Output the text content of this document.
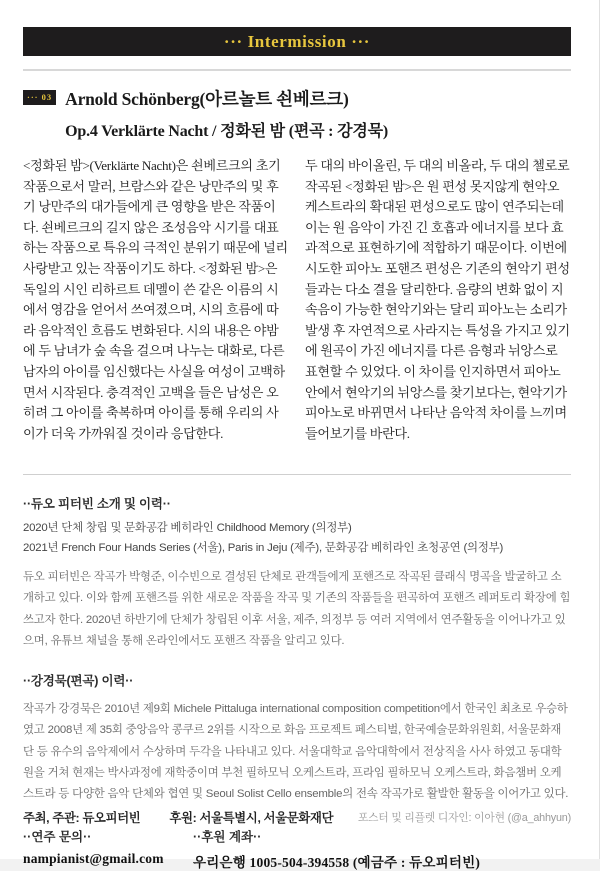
··· Intermission ···
··· 03 Arnold Schönberg(아르놀트 쇤베르크)
Op.4 Verklärte Nacht / 정화된 밤 (편곡 : 강경묵)

<정화된 밤>(Verklärte Nacht)은 쇤베르크의 초기 작품으로서 말러, 브람스와 같은 낭만주의 및 후기 낭만주의 대가들에게 큰 영향을 받은 작품이다. 쇤베르크의 길지 않은 조성음악 시기를 대표하는 작품으로 특유의 극적인 분위기 때문에 널리 사랑받고 있는 작품이기도 하다. <정화된 밤>은 독일의 시인 리하르트 데멜이 쓴 같은 이름의 시에서 영감을 얻어서 쓰여졌으며, 시의 흐름에 따라 음악적인 흐름도 변화된다. 시의 내용은 야밤에 두 남녀가 숲 속을 걸으며 나누는 대화로, 다른 남자의 아이를 임신했다는 사실을 여성이 고백하면서 시작된다. 충격적인 고백을 들은 남성은 오히려 그 아이를 축복하며 아이를 통해 우리의 사이가 더욱 가까워질 것이라 응답한다.

두 대의 바이올린, 두 대의 비올라, 두 대의 첼로로 작곡된 <정화된 밤>은 원 편성 못지않게 현악오케스트라의 확대된 편성으로도 많이 연주되는데 이는 원 음악이 가진 긴 호흡과 에너지를 보다 효과적으로 표현하기에 적합하기 때문이다. 이번에 시도한 피아노 포핸즈 편성은 기존의 현악기 편성들과는 다소 결을 달리한다. 음량의 변화 없이 지속음이 가능한 현악기와는 달리 피아노는 소리가 발생 후 자연적으로 사라지는 특성을 가지고 있기에 원곡이 가진 에너지를 다른 음형과 뉘앙스로 표현할 수 있었다. 이 차이를 인지하면서 피아노안에서 현악기의 뉘앙스를 찾기보다는, 현악기가 피아노로 바뀌면서 나타난 음악적 차이를 느끼며 들어보기를 바란다.

··듀오 피터빈 소개 및 이력··

2020년 단체 창립 및 문화공감 베히라인 Childhood Memory (의정부)

2021년 French Four Hands Series (서울), Paris in Jeju (제주), 문화공감 베히라인 초청공연 (의정부)

듀오 피터빈은 작곡가 박형준, 이수빈으로 결성된 단체로 관객들에게 포핸즈로 작곡된 클래식 명곡을 발굴하고 소개하고 있다. 이와 함께 포핸즈를 위한 새로운 작품을 작곡 및 기존의 작품들을 편곡하여 포핸즈 레퍼토리 확장에 힘쓰고자 한다. 2020년 하반기에 단체가 창립된 이후 서울, 제주, 의정부 등 여러 지역에서 연주활동을 이어나가고 있으며, 유튜브 채널을 통해 온라인에서도 포핸즈 작품을 알리고 있다.

··강경묵(편곡) 이력··

작곡가 강경묵은 2010년 제9회 Michele Pittaluga international composition competition에서 한국인 최초로 우승하였고 2008년 제 35회 중앙음악 콩쿠르 2위를 시작으로 화음 프로젝트 페스티벌, 한국예술문화위원회, 서울문화재단 등 유수의 음악제에서 수상하며 두각을 나타내고 있다. 서울대학교 음악대학에서 전상직을 사사 하였고 동대학원을 거쳐 현재는 박사과정에 재학중이며 부천 필하모닉 오케스트라, 프라임 필하모닉 오케스트라, 화음챔버 오케스트라 등 다양한 음악 단체와 협연 및 Seoul Solist Cello ensemble의 전속 작곡가로 활발한 활동을 이어가고 있다.

··연주 문의··
nampianist@gmail.com
··후원 계좌··
우리은행 1005-504-394558 (예금주 : 듀오피터빈)
주최, 주관: 듀오피터빈 후원: 서울특별시, 서울문화재단 포스터 및 리플렛 디자인: 이아현 (@a_ahhyun)
